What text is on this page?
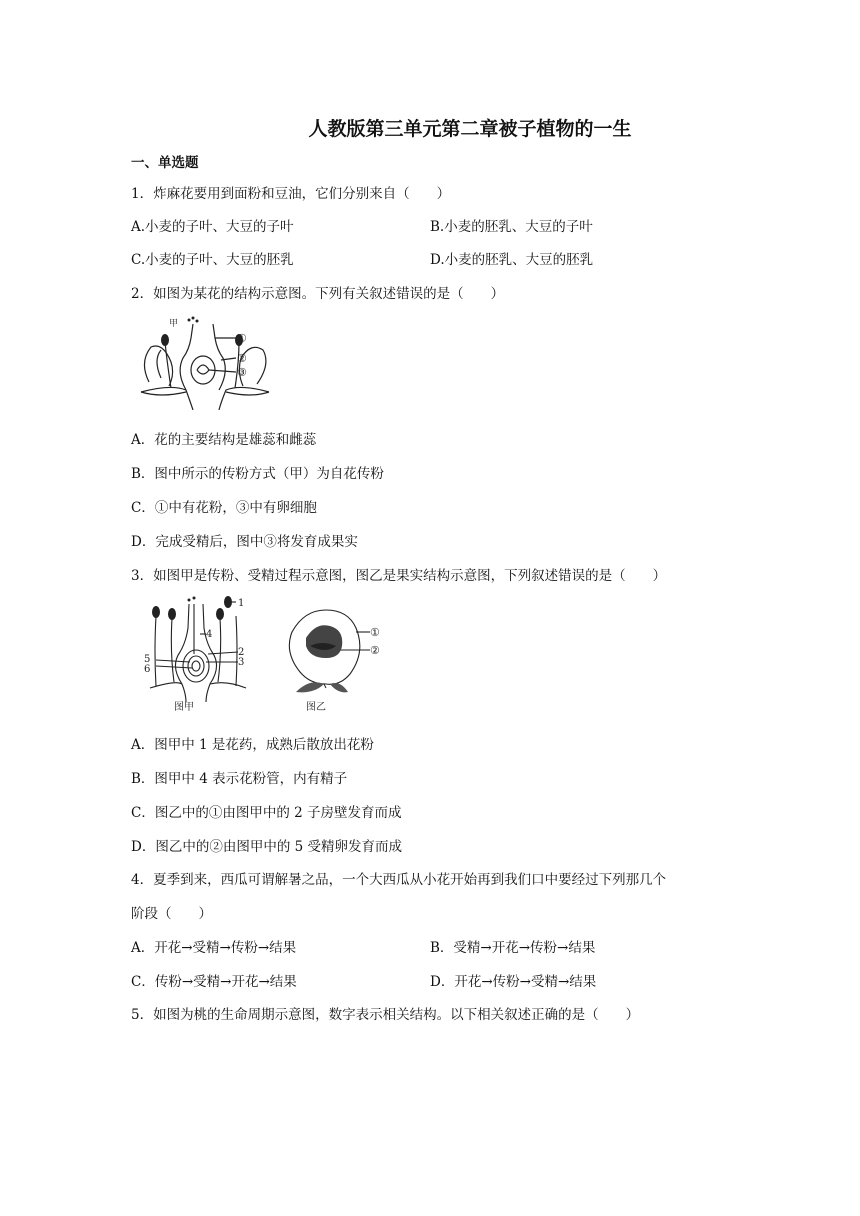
人教版第三单元第二章被子植物的一生
一、单选题
1．炸麻花要用到面粉和豆油，它们分别来自（　　）
A.小麦的子叶、大豆的子叶	B.小麦的胚乳、大豆的子叶
C.小麦的子叶、大豆的胚乳	D.小麦的胚乳、大豆的胚乳
2．如图为某花的结构示意图。下列有关叙述错误的是（　　）
甲
①
②
③
A．花的主要结构是雄蕊和雌蕊
B．图中所示的传粉方式（甲）为自花传粉
C．①中有花粉，③中有卵细胞
D．完成受精后，图中③将发育成果实
3．如图甲是传粉、受精过程示意图，图乙是果实结构示意图，下列叙述错误的是（　　）
1
2
3
4
5
6
图甲
①
②
图乙
A．图甲中 1 是花药，成熟后散放出花粉
B．图甲中 4 表示花粉管，内有精子
C．图乙中的①由图甲中的 2 子房壁发育而成
D．图乙中的②由图甲中的 5 受精卵发育而成
4．夏季到来，西瓜可谓解暑之品，一个大西瓜从小花开始再到我们口中要经过下列那几个
阶段（　　）
A．开花→受精→传粉→结果	B．受精→开花→传粉→结果
C．传粉→受精→开花→结果	D．开花→传粉→受精→结果
5．如图为桃的生命周期示意图，数字表示相关结构。以下相关叙述正确的是（　　）
